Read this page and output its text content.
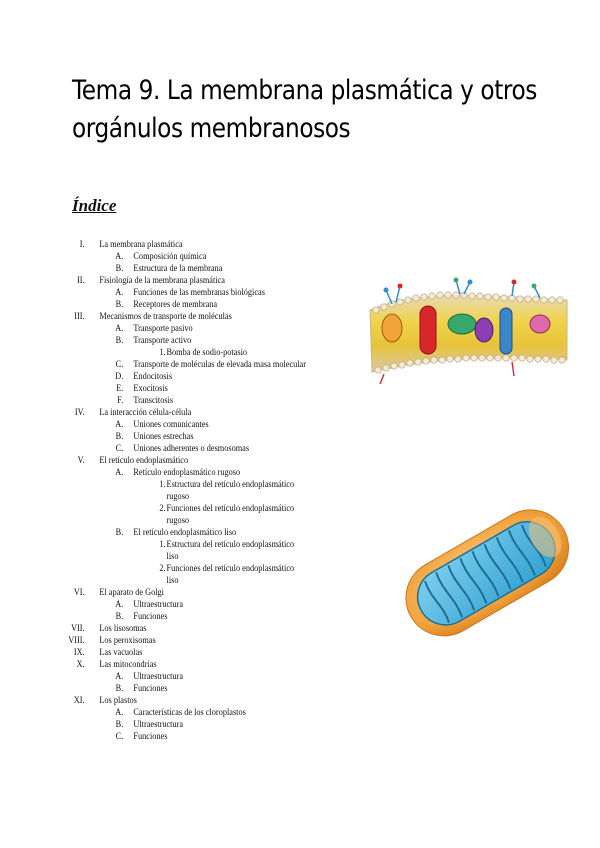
Tema 9. La membrana plasmática y otros
orgánulos membranosos
Índice
I. La membrana plasmática
A. Composición química
B. Estructura de la membrana
II. Fisiología de la membrana plasmática
A. Funciones de las membranas biológicas
B. Receptores de membrana
III. Mecanismos de transporte de moléculas
A. Transporte pasivo
B. Transporte activo
1. Bomba de sodio-potasio
C. Transporte de moléculas de elevada masa molecular
D. Endocitosis
E. Exocitosis
F. Transcitosis
IV. La interacción célula-célula
A. Uniones comunicantes
B. Uniones estrechas
C. Uniones adherentes o desmosomas
V. El retículo endoplasmático
A. Retículo endoplasmático rugoso
1. Estructura del retículo endoplasmático rugoso
2. Funciones del retículo endoplasmático rugoso
B. El retículo endoplasmático liso
1. Estructura del retículo endoplasmático liso
2. Funciones del retículo endoplasmático liso
VI. El aparato de Golgi
A. Ultraestructura
B. Funciones
VII. Los lisosomas
VIII. Los peroxisomas
IX. Las vacuolas
X. Las mitocondrias
A. Ultraestructura
B. Funciones
XI. Los plastos
A. Características de los cloroplastos
B. Ultraestructura
C. Funciones
